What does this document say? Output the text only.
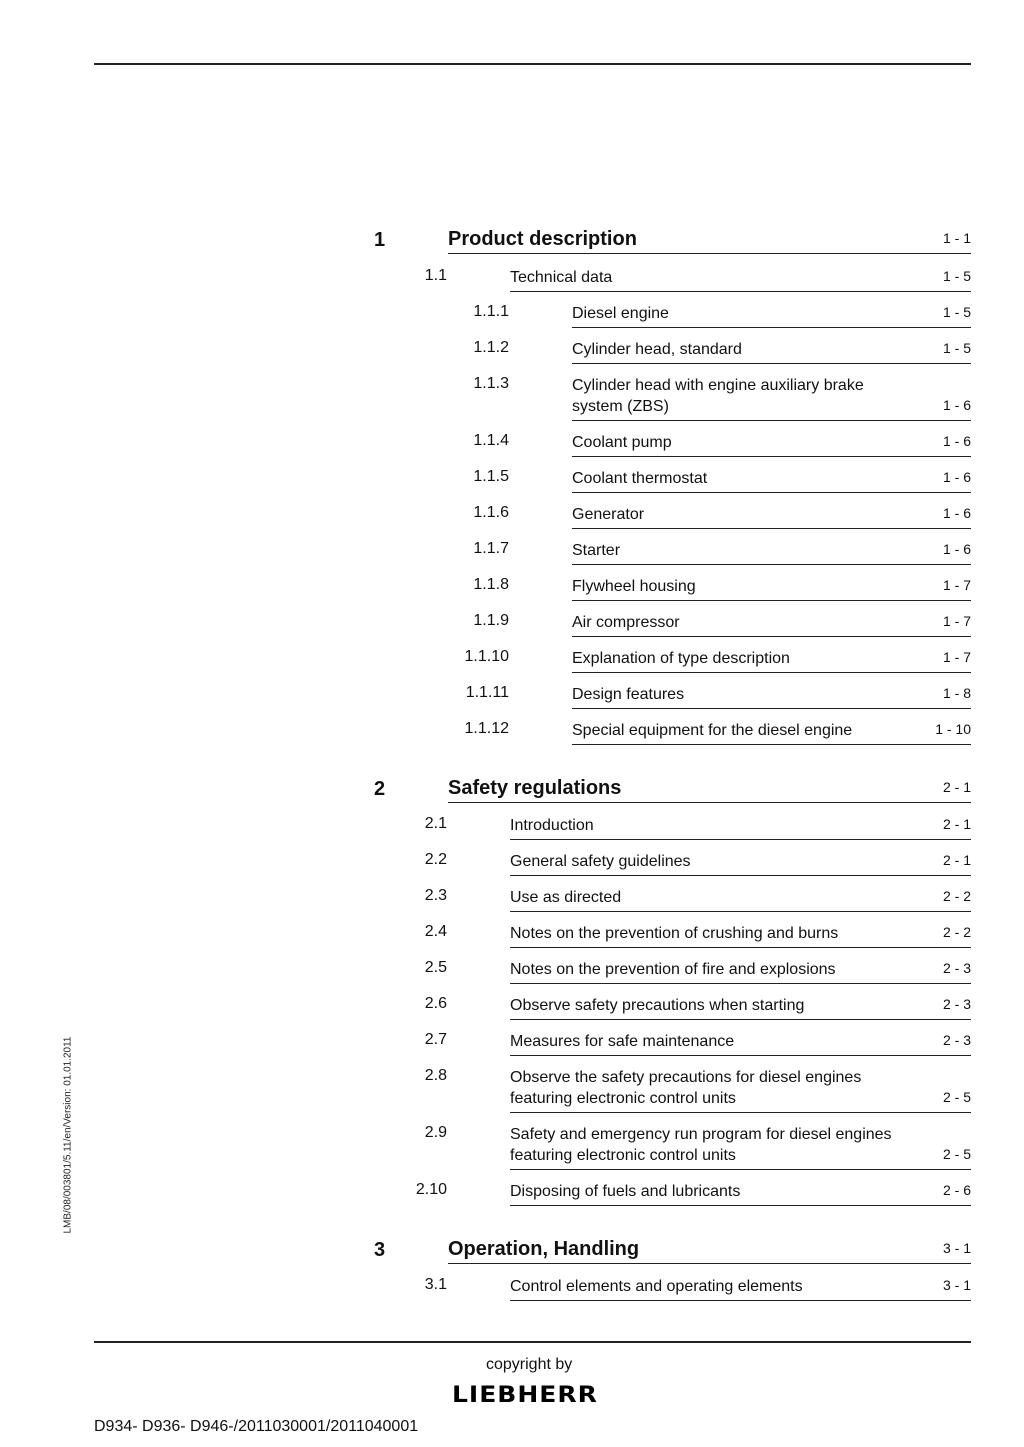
1	Product description	1 - 1
1.1	Technical data	1 - 5
1.1.1	Diesel engine	1 - 5
1.1.2	Cylinder head, standard	1 - 5
1.1.3	Cylinder head with engine auxiliary brake system (ZBS)	1 - 6
1.1.4	Coolant pump	1 - 6
1.1.5	Coolant thermostat	1 - 6
1.1.6	Generator	1 - 6
1.1.7	Starter	1 - 6
1.1.8	Flywheel housing	1 - 7
1.1.9	Air compressor	1 - 7
1.1.10	Explanation of type description	1 - 7
1.1.11	Design features	1 - 8
1.1.12	Special equipment for the diesel engine	1 - 10
2	Safety regulations	2 - 1
2.1	Introduction	2 - 1
2.2	General safety guidelines	2 - 1
2.3	Use as directed	2 - 2
2.4	Notes on the prevention of crushing and burns	2 - 2
2.5	Notes on the prevention of fire and explosions	2 - 3
2.6	Observe safety precautions when starting	2 - 3
2.7	Measures for safe maintenance	2 - 3
2.8	Observe the safety precautions for diesel engines featuring electronic control units	2 - 5
2.9	Safety and emergency run program for diesel engines featuring electronic control units	2 - 5
2.10	Disposing of fuels and lubricants	2 - 6
3	Operation, Handling	3 - 1
3.1	Control elements and operating elements	3 - 1
LMB/08/003801/5.11/en/Version: 01.01.2011
copyright by
D934- D936- D946-/2011030001/2011040001
LIEBHERR
